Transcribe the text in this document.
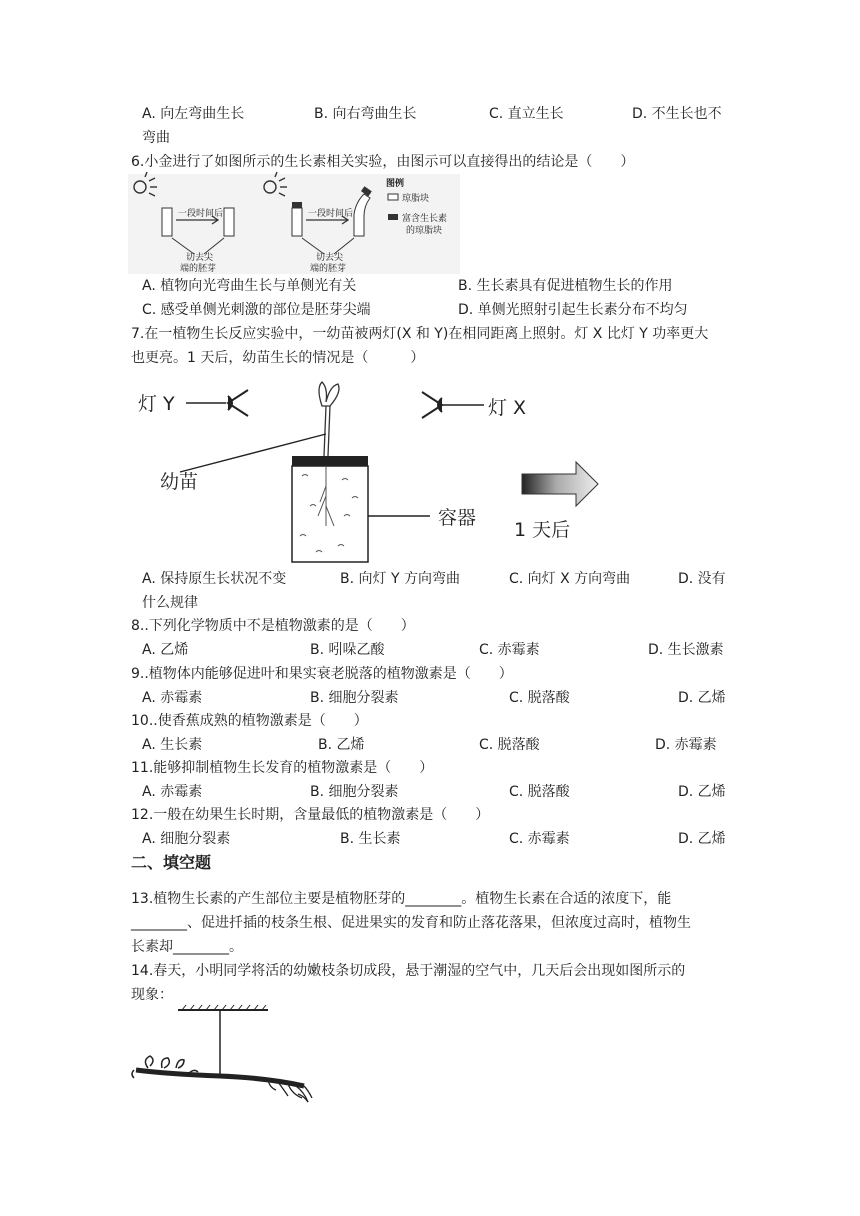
A. 向左弯曲生长	B. 向右弯曲生长	C. 直立生长	D. 不生长也不
弯曲
6.小金进行了如图所示的生长素相关实验，由图示可以直接得出的结论是（　　）
一段时间后
切去尖
端的胚芽
一段时间后
切去尖
端的胚芽
图例
琼脂块
富含生长素
的琼脂块
A. 植物向光弯曲生长与单侧光有关	B. 生长素具有促进植物生长的作用
C. 感受单侧光刺激的部位是胚芽尖端	D. 单侧光照射引起生长素分布不均匀
7.在一植物生长反应实验中，一幼苗被两灯(X 和 Y)在相同距离上照射。灯 X 比灯 Y 功率更大
也更亮。1 天后，幼苗生长的情况是（　　　）
灯 Y	灯 X
幼苗
容器
1 天后
A. 保持原生长状况不变	B. 向灯 Y 方向弯曲	C. 向灯 X 方向弯曲	D. 没有
什么规律
8..下列化学物质中不是植物激素的是（　　）
A. 乙烯	B. 吲哚乙酸	C. 赤霉素	D. 生长激素
9..植物体内能够促进叶和果实衰老脱落的植物激素是（　　）
A. 赤霉素	B. 细胞分裂素	C. 脱落酸	D. 乙烯
10..使香蕉成熟的植物激素是（　　）
A. 生长素	B. 乙烯	C. 脱落酸	D. 赤霉素
11.能够抑制植物生长发育的植物激素是（　　）
A. 赤霉素	B. 细胞分裂素	C. 脱落酸	D. 乙烯
12.一般在幼果生长时期，含量最低的植物激素是（　　）
A. 细胞分裂素	B. 生长素	C. 赤霉素	D. 乙烯
二、填空题
13.植物生长素的产生部位主要是植物胚芽的________。植物生长素在合适的浓度下，能
________、促进扦插的枝条生根、促进果实的发育和防止落花落果，但浓度过高时，植物生
长素却________。
14.春天，小明同学将活的幼嫩枝条切成段，悬于潮湿的空气中，几天后会出现如图所示的
现象：
